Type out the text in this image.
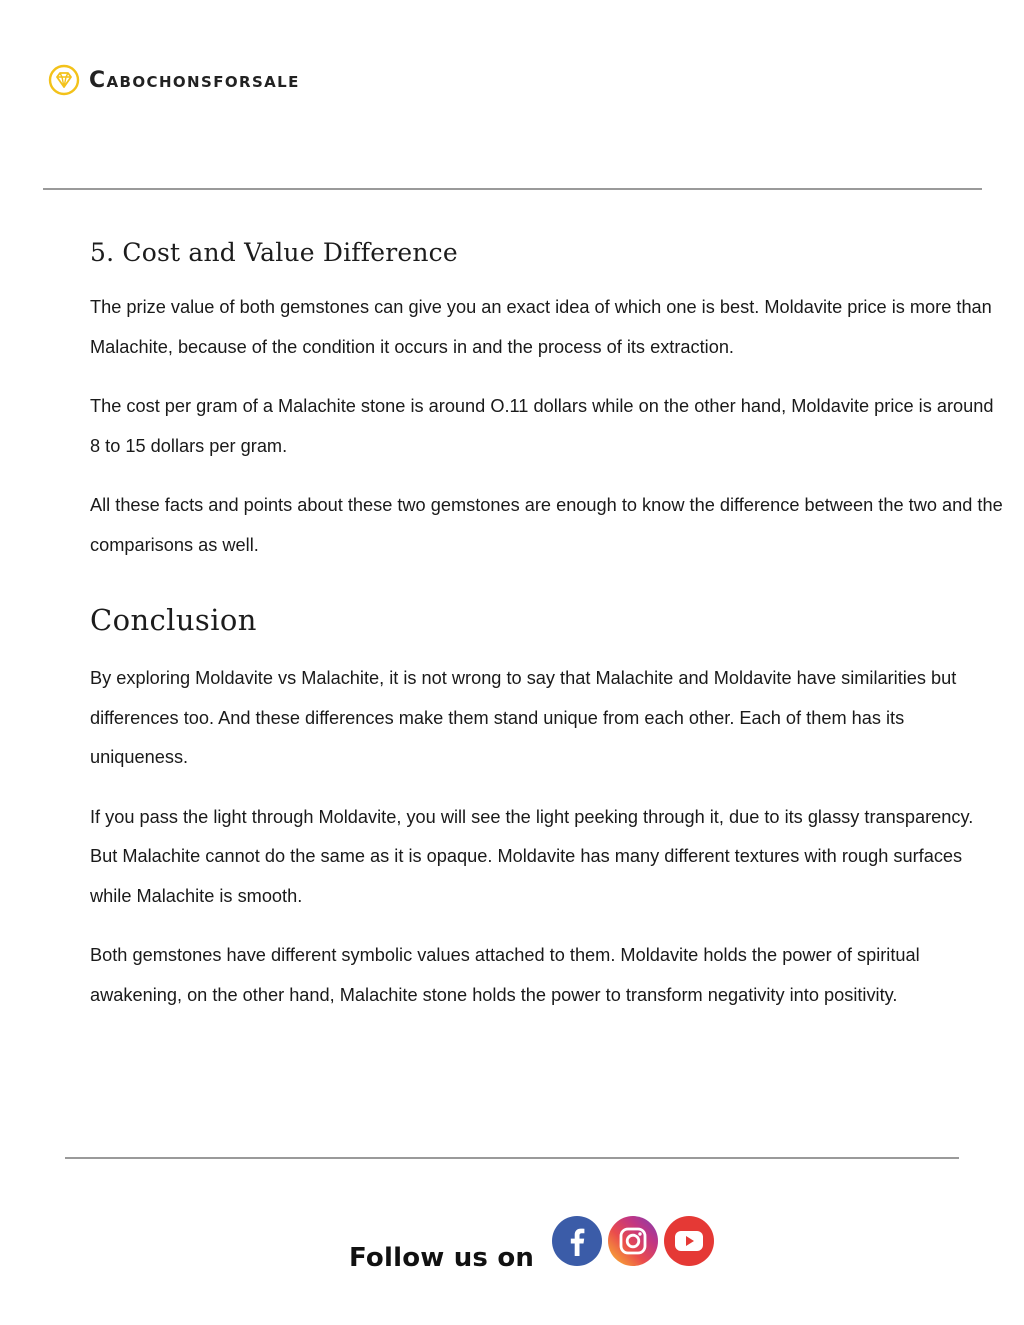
Cabochonsforsale
5. Cost and Value Difference

The prize value of both gemstones can give you an exact idea of which one is best. Moldavite price is more than Malachite, because of the condition it occurs in and the process of its extraction.

The cost per gram of a Malachite stone is around O.11 dollars while on the other hand, Moldavite price is around 8 to 15 dollars per gram.

All these facts and points about these two gemstones are enough to know the difference between the two and the comparisons as well.

Conclusion

By exploring Moldavite vs Malachite, it is not wrong to say that Malachite and Moldavite have similarities but differences too. And these differences make them stand unique from each other. Each of them has its uniqueness.

If you pass the light through Moldavite, you will see the light peeking through it, due to its glassy transparency. But Malachite cannot do the same as it is opaque. Moldavite has many different textures with rough surfaces while Malachite is smooth.

Both gemstones have different symbolic values attached to them. Moldavite holds the power of spiritual awakening, on the other hand, Malachite stone holds the power to transform negativity into positivity.

Follow us on
